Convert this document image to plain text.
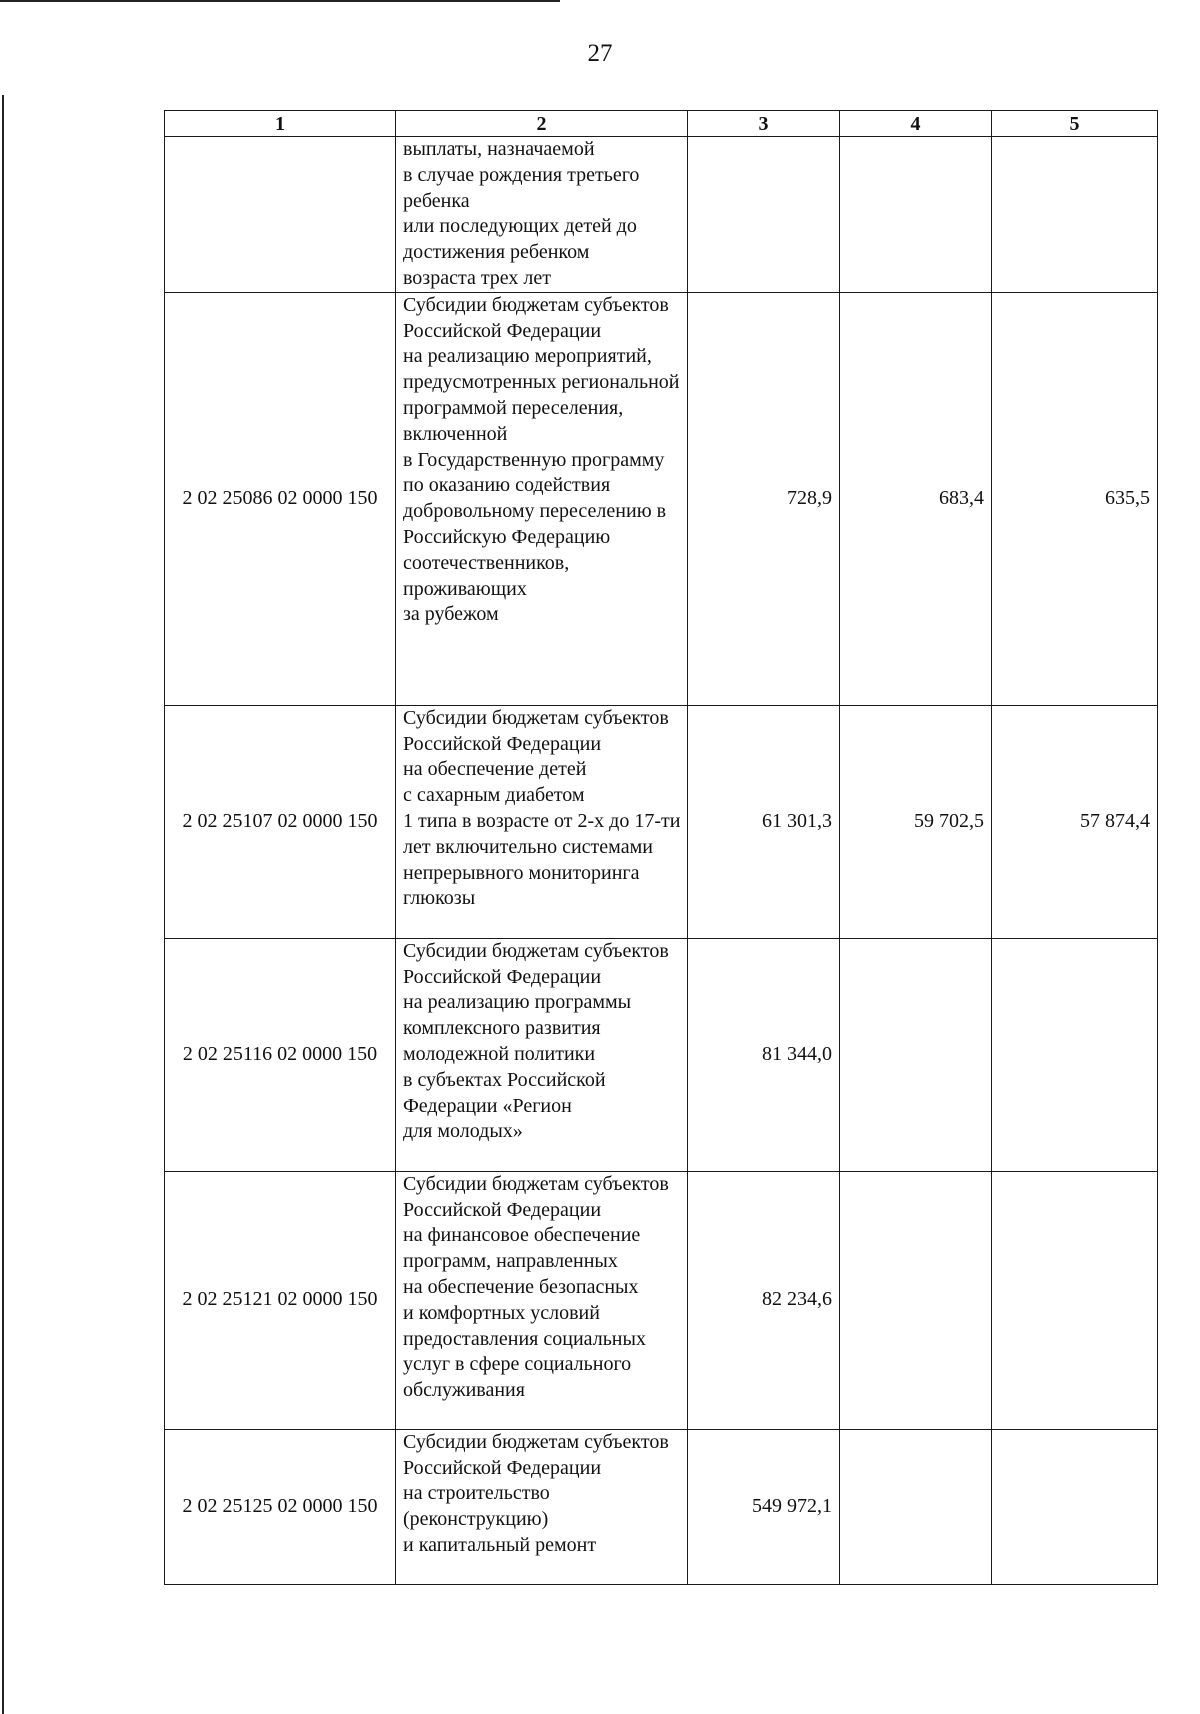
27
1	2	3	4	5
	выплаты, назначаемой
в случае рождения третьего ребенка
или последующих детей до достижения ребенком
возраста трех лет			
2 02 25086 02 0000 150	Субсидии бюджетам субъектов Российской Федерации
на реализацию мероприятий, предусмотренных региональной программой переселения, включенной
в Государственную программу по оказанию содействия добровольному переселению в Российскую Федерацию соотечественников, проживающих
за рубежом	728,9	683,4	635,5
2 02 25107 02 0000 150	Субсидии бюджетам субъектов Российской Федерации
на обеспечение детей
с сахарным диабетом
1 типа в возрасте от 2-х до 17-ти лет включительно системами непрерывного мониторинга глюкозы	61 301,3	59 702,5	57 874,4
2 02 25116 02 0000 150	Субсидии бюджетам субъектов Российской Федерации
на реализацию программы комплексного развития молодежной политики
в субъектах Российской Федерации «Регион
для молодых»	81 344,0		
2 02 25121 02 0000 150	Субсидии бюджетам субъектов Российской Федерации
на финансовое обеспечение программ, направленных
на обеспечение безопасных
и комфортных условий предоставления социальных услуг в сфере социального обслуживания	82 234,6		
2 02 25125 02 0000 150	Субсидии бюджетам субъектов Российской Федерации
на строительство (реконструкцию)
и капитальный ремонт	549 972,1		
